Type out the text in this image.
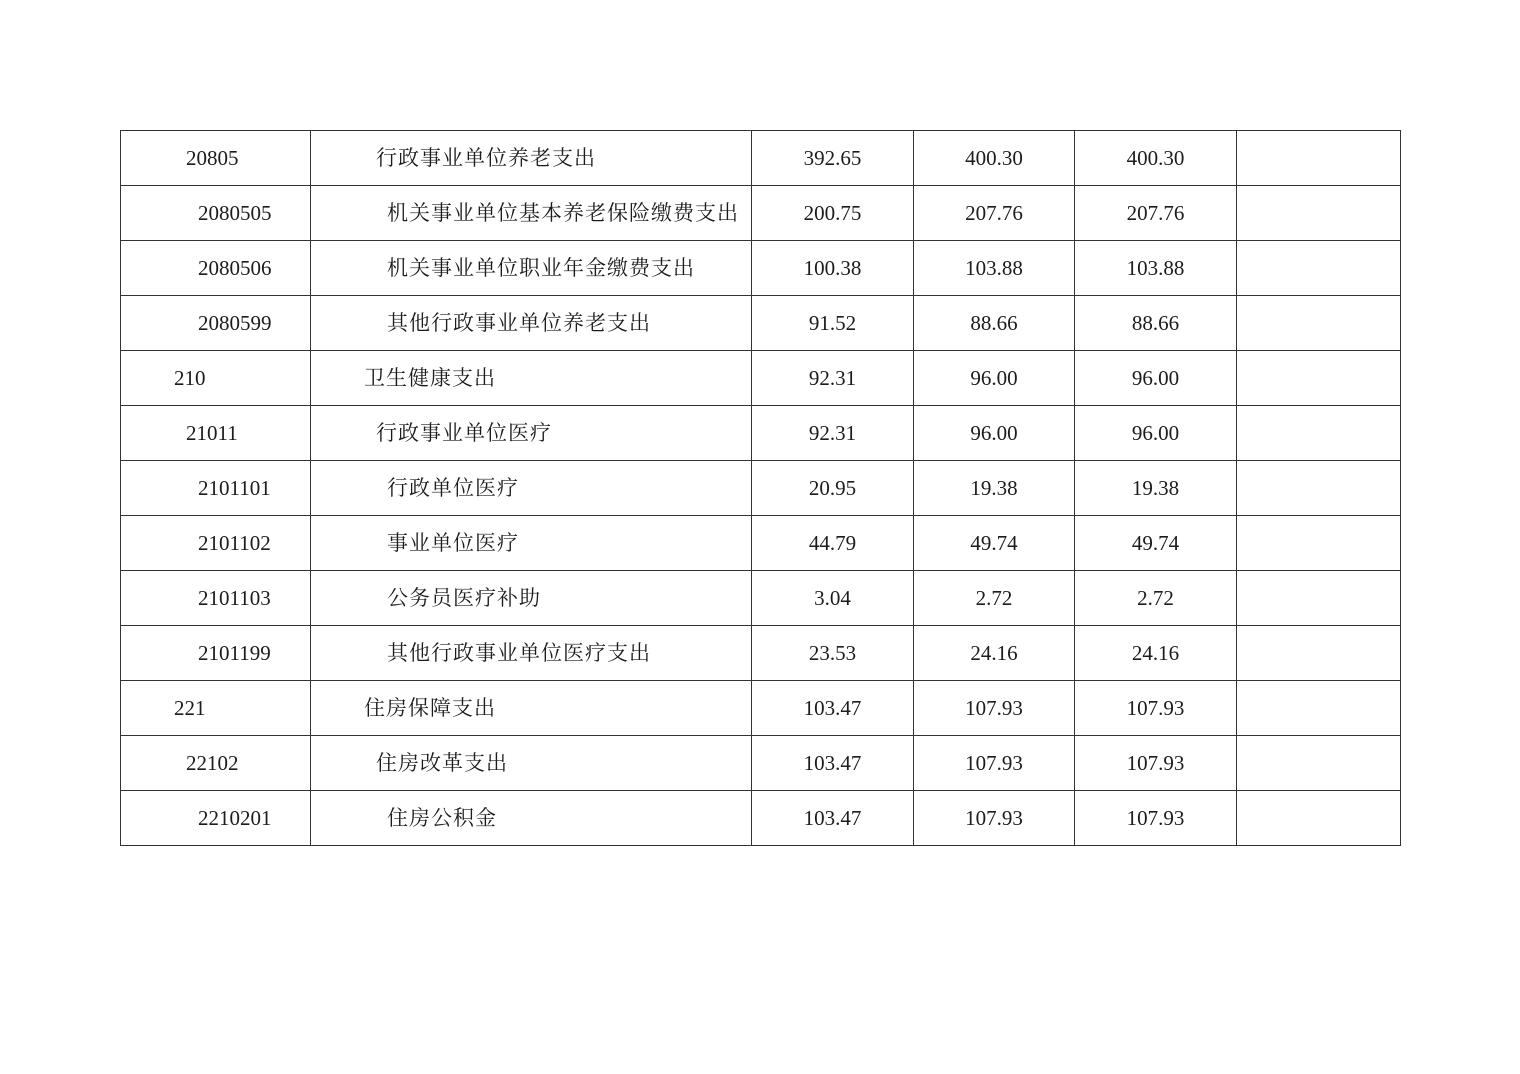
20805	行政事业单位养老支出	392.65	400.30	400.30	
2080505	机关事业单位基本养老保险缴费支出	200.75	207.76	207.76	
2080506	机关事业单位职业年金缴费支出	100.38	103.88	103.88	
2080599	其他行政事业单位养老支出	91.52	88.66	88.66	
210	卫生健康支出	92.31	96.00	96.00	
21011	行政事业单位医疗	92.31	96.00	96.00	
2101101	行政单位医疗	20.95	19.38	19.38	
2101102	事业单位医疗	44.79	49.74	49.74	
2101103	公务员医疗补助	3.04	2.72	2.72	
2101199	其他行政事业单位医疗支出	23.53	24.16	24.16	
221	住房保障支出	103.47	107.93	107.93	
22102	住房改革支出	103.47	107.93	107.93	
2210201	住房公积金	103.47	107.93	107.93	
